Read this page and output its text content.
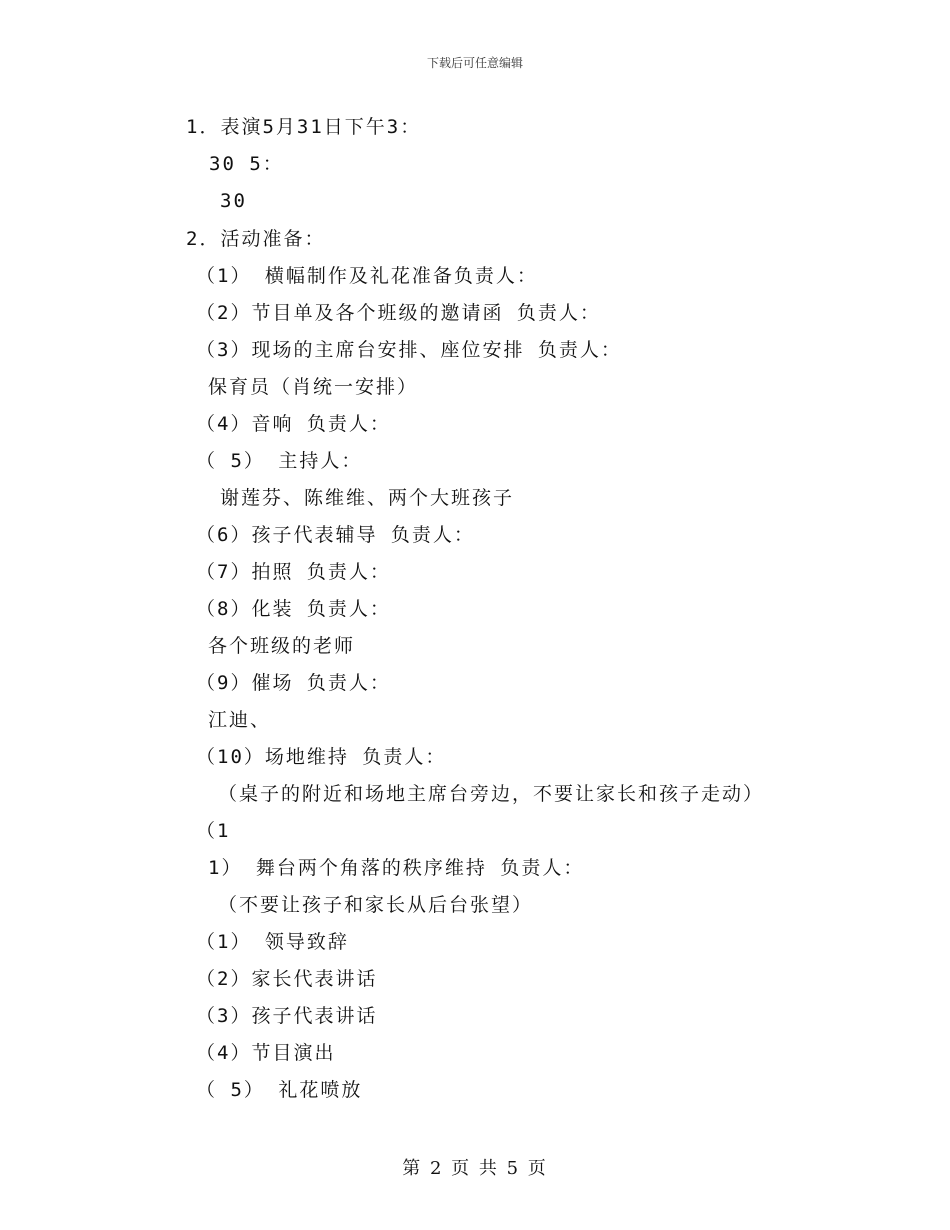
下载后可任意编辑
1．表演5月31日下午3：
30 5：
30
2．活动准备：
（1） 横幅制作及礼花准备负责人：
（2）节目单及各个班级的邀请函 负责人：
（3）现场的主席台安排、座位安排 负责人：
保育员（肖统一安排）
（4）音响 负责人：
（ 5） 主持人：
谢莲芬、陈维维、两个大班孩子
（6）孩子代表辅导 负责人：
（7）拍照 负责人：
（8）化装 负责人：
各个班级的老师
（9）催场 负责人：
江迪、
（10）场地维持 负责人：
（桌子的附近和场地主席台旁边，不要让家长和孩子走动）
（1
1） 舞台两个角落的秩序维持 负责人：
（不要让孩子和家长从后台张望）
（1） 领导致辞
（2）家长代表讲话
（3）孩子代表讲话
（4）节目演出
（ 5） 礼花喷放
第 2 页 共 5 页
